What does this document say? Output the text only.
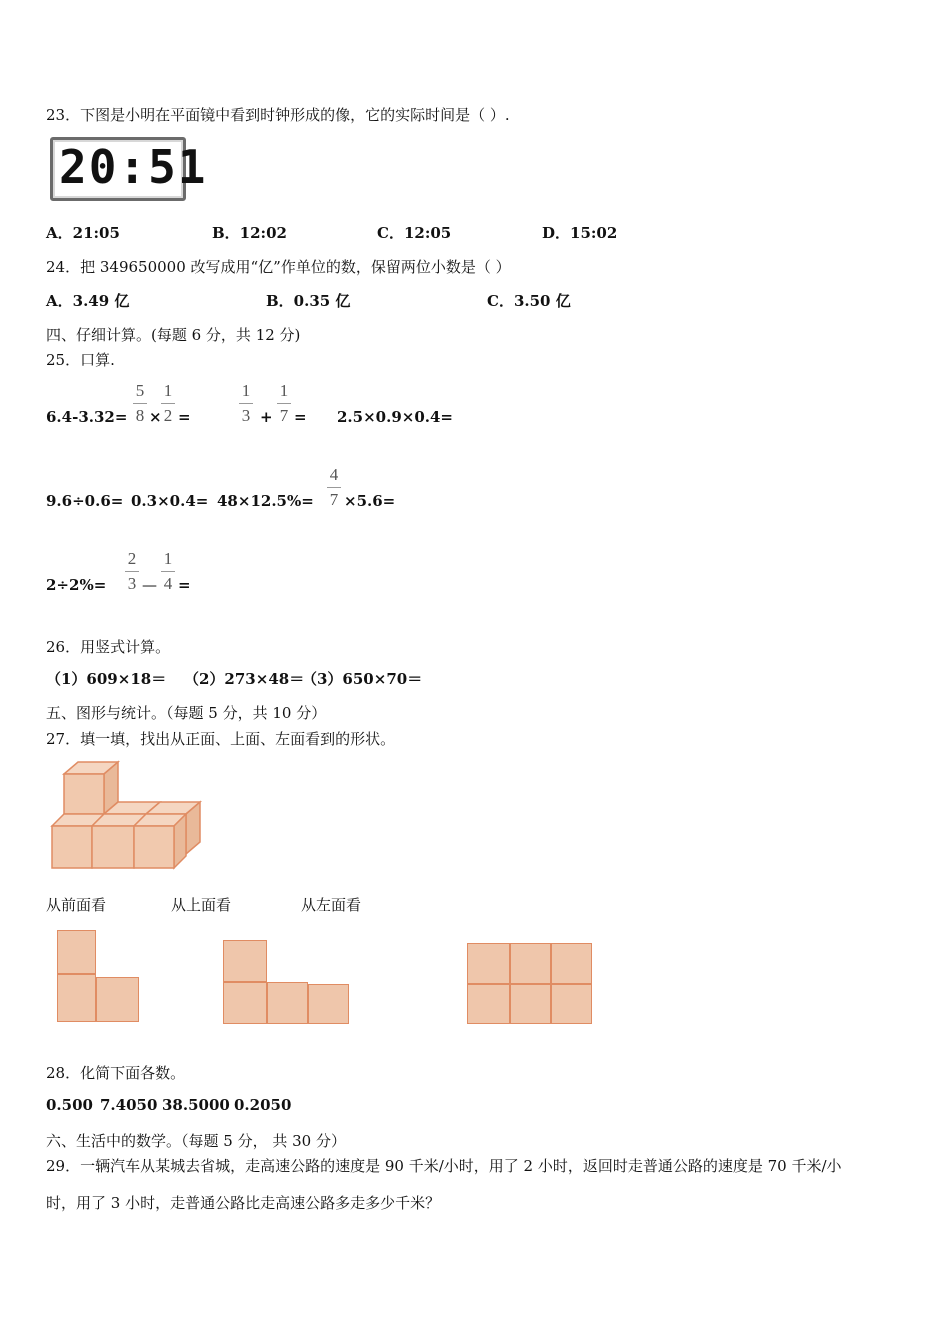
23．下图是小明在平面镜中看到时钟形成的像，它的实际时间是（ ）.
20:51
A．21:05	B．12:02	C．12:05	D．15:02
24．把 349650000 改写成用“亿”作单位的数，保留两位小数是（ ）
A．3.49 亿	B．0.35 亿	C．3.50 亿
四、仔细计算。(每题 6 分，共 12 分)
25．口算.
6.4-3.32=
5
8 ×
1
2 =
1
3 +
1
7 = 2.5×0.9×0.4=
9.6÷0.6= 0.3×0.4= 48×12.5%=
4
7 ×5.6=
2÷2%=
2
3 —
1
4 =
26．用竖式计算。
（1）609×18＝ （2）273×48＝
（3）650×70＝
五、图形与统计。（每题 5 分，共 10 分）
27．填一填，找出从正面、上面、左面看到的形状。
从前面看	从上面看	从左面看
28．化简下面各数。
0.500 7.4050 38.5000 0.2050
六、生活中的数学。（每题 5 分， 共 30 分）
29．一辆汽车从某城去省城，走高速公路的速度是 90 千米/小时，用了 2 小时，返回时走普通公路的速度是 70 千米/小
时，用了 3 小时，走普通公路比走高速公路多走多少千米？
